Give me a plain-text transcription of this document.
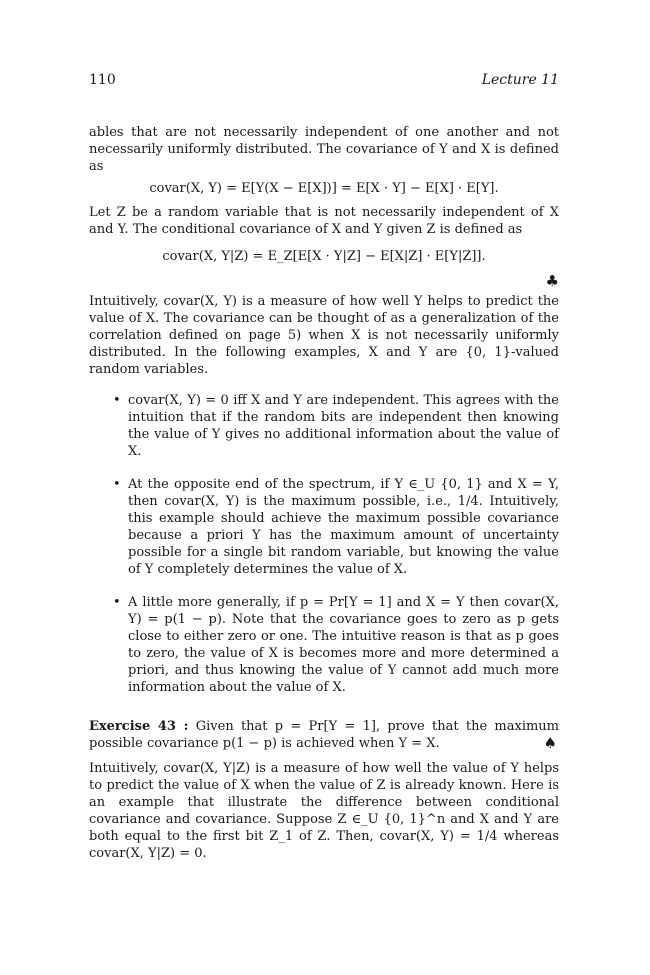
110	Lecture 11

ables that are not necessarily independent of one another and not necessarily uniformly distributed. The covariance of Y and X is defined as

covar(X, Y) = E[Y(X − E[X])] = E[X · Y] − E[X] · E[Y].

Let Z be a random variable that is not necessarily independent of X and Y. The conditional covariance of X and Y given Z is defined as

covar(X, Y|Z) = E_Z[E[X · Y|Z] − E[X|Z] · E[Y|Z]].
♣

Intuitively, covar(X, Y) is a measure of how well Y helps to predict the value of X. The covariance can be thought of as a generalization of the correlation defined on page 5) when X is not necessarily uniformly distributed. In the following examples, X and Y are {0, 1}-valued random variables.

• covar(X, Y) = 0 iff X and Y are independent. This agrees with the intuition that if the random bits are independent then knowing the value of Y gives no additional information about the value of X.
• At the opposite end of the spectrum, if Y ∈_U {0, 1} and X = Y, then covar(X, Y) is the maximum possible, i.e., 1/4. Intuitively, this example should achieve the maximum possible covariance because a priori Y has the maximum amount of uncertainty possible for a single bit random variable, but knowing the value of Y completely determines the value of X.
• A little more generally, if p = Pr[Y = 1] and X = Y then covar(X, Y) = p(1 − p). Note that the covariance goes to zero as p gets close to either zero or one. The intuitive reason is that as p goes to zero, the value of X is becomes more and more determined a priori, and thus knowing the value of Y cannot add much more information about the value of X.

Exercise 43 : Given that p = Pr[Y = 1], prove that the maximum possible covariance p(1 − p) is achieved when Y = X.	♠

Intuitively, covar(X, Y|Z) is a measure of how well the value of Y helps to predict the value of X when the value of Z is already known. Here is an example that illustrate the difference between conditional covariance and covariance. Suppose Z ∈_U {0, 1}^n and X and Y are both equal to the first bit Z_1 of Z. Then, covar(X, Y) = 1/4 whereas covar(X, Y|Z) = 0.
